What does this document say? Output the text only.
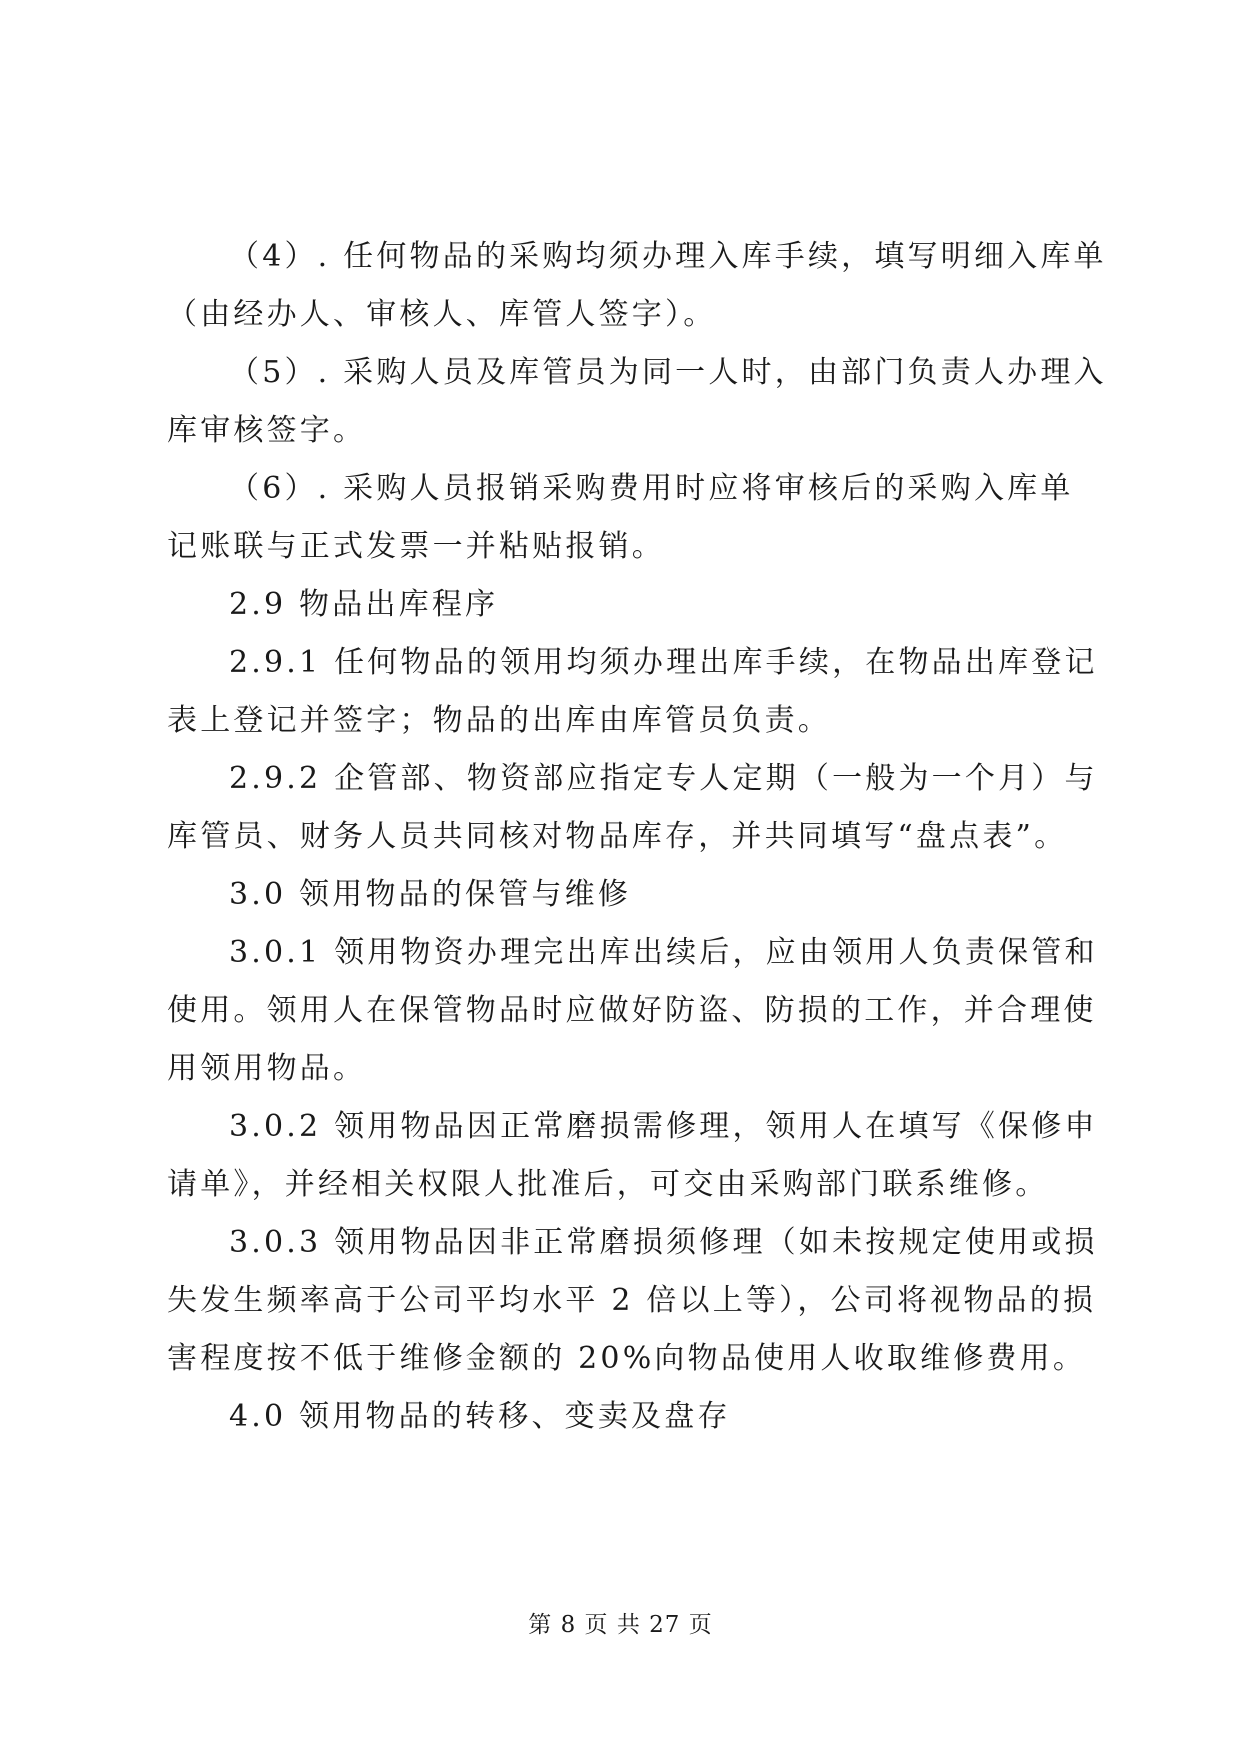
（4）. 任何物品的采购均须办理入库手续，填写明细入库单
（由经办人、审核人、库管人签字）。
（5）. 采购人员及库管员为同一人时，由部门负责人办理入
库审核签字。
（6）. 采购人员报销采购费用时应将审核后的采购入库单
记账联与正式发票一并粘贴报销。
2.9 物品出库程序
2.9.1 任何物品的领用均须办理出库手续，在物品出库登记
表上登记并签字；物品的出库由库管员负责。
2.9.2 企管部、物资部应指定专人定期（一般为一个月）与
库管员、财务人员共同核对物品库存，并共同填写“盘点表”。
3.0 领用物品的保管与维修
3.0.1 领用物资办理完出库出续后，应由领用人负责保管和
使用。领用人在保管物品时应做好防盗、防损的工作，并合理使
用领用物品。
3.0.2 领用物品因正常磨损需修理，领用人在填写《保修申
请单》，并经相关权限人批准后，可交由采购部门联系维修。
3.0.3 领用物品因非正常磨损须修理（如未按规定使用或损
失发生频率高于公司平均水平 2 倍以上等），公司将视物品的损
害程度按不低于维修金额的 20%向物品使用人收取维修费用。
4.0 领用物品的转移、变卖及盘存
第 8 页 共 27 页
